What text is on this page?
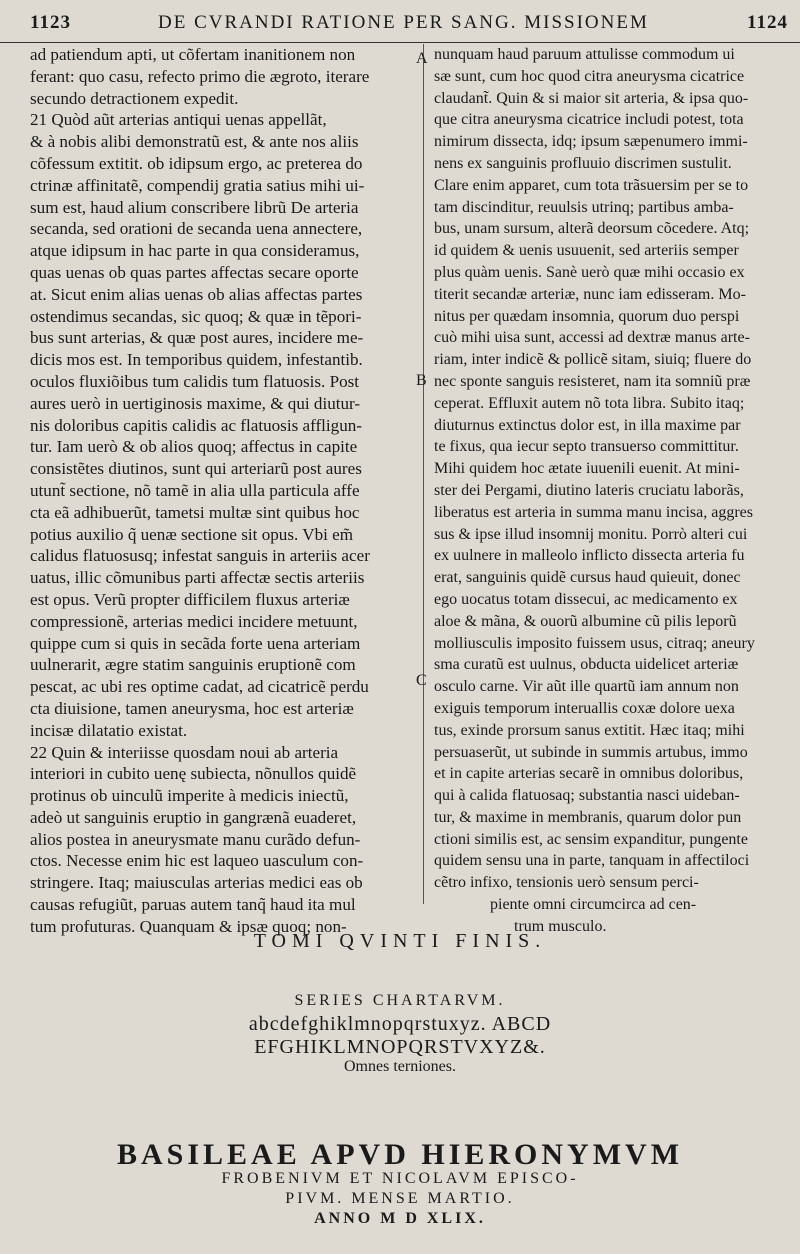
1123	DE CVRANDI RATIONE PER SANG. MISSIONEM	1124
ad patiendum apti, ut cõfertam inanitionem non
ferant: quo casu, refecto primo die ægroto, iterare
secundo detractionem expedit.
21 Quòd aũt arterias antiqui uenas appellãt,
& à nobis alibi demonstratũ est, & ante nos aliis
cõfessum extitit. ob idipsum ergo, ac preterea do
ctrinæ affinitatẽ, compendij gratia satius mihi ui-
sum est, haud alium conscribere librũ De arteria
secanda, sed orationi de secanda uena annectere,
atque idipsum in hac parte in qua consideramus,
quas uenas ob quas partes affectas secare oporte
at. Sicut enim alias uenas ob alias affectas partes
ostendimus secandas, sic quoq; & quæ in tẽpori-
bus sunt arterias, & quæ post aures, incidere me-
dicis mos est. In temporibus quidem, infestantib.
oculos fluxiõibus tum calidis tum flatuosis. Post
aures uerò in uertiginosis maxime, & qui diutur-
nis doloribus capitis calidis ac flatuosis affligun-
tur. Iam uerò & ob alios quoq; affectus in capite
consistẽtes diutinos, sunt qui arteriarũ post aures
utunt̃ sectione, nõ tamẽ in alia ulla particula affe
cta eã adhibuerũt, tametsi multæ sint quibus hoc
potius auxilio q̃ uenæ sectione sit opus. Vbi em̃
calidus flatuosusq; infestat sanguis in arteriis acer
uatus, illic cõmunibus parti affectæ sectis arteriis
est opus. Verũ propter difficilem fluxus arteriæ
compressionẽ, arterias medici incidere metuunt,
quippe cum si quis in secãda forte uena arteriam
uulnerarit, ægre statim sanguinis eruptionẽ com
pescat, ac ubi res optime cadat, ad cicatricẽ perdu
cta diuisione, tamen aneurysma, hoc est arteriæ
incisæ dilatatio existat.
22 Quin & interiisse quosdam noui ab arteria
interiori in cubito uenę subiecta, nõnullos quidẽ
protinus ob uinculũ imperite à medicis iniectũ,
adeò ut sanguinis eruptio in gangrænã euaderet,
alios postea in aneurysmate manu curãdo defun-
ctos. Necesse enim hic est laqueo uasculum con-
stringere. Itaq; maiusculas arterias medici eas ob
causas refugiũt, paruas autem tanq̃ haud ita mul
tum profuturas. Quanquam & ipsæ quoq; non-
A
B
C
nunquam haud paruum attulisse commodum ui
sæ sunt, cum hoc quod citra aneurysma cicatrice
claudant̃. Quin & si maior sit arteria, & ipsa quo-
que citra aneurysma cicatrice includi potest, tota
nimirum dissecta, idq; ipsum sæpenumero immi-
nens ex sanguinis profluuio discrimen sustulit.
Clare enim apparet, cum tota trãsuersim per se to
tam discinditur, reuulsis utrinq; partibus amba-
bus, unam sursum, alterã deorsum cõcedere. Atq;
id quidem & uenis usuuenit, sed arteriis semper
plus quàm uenis. Sanè uerò quæ mihi occasio ex
titerit secandæ arteriæ, nunc iam edisseram. Mo-
nitus per quædam insomnia, quorum duo perspi
cuò mihi uisa sunt, accessi ad dextræ manus arte-
riam, inter indicẽ & pollicẽ sitam, siuiq; fluere do
nec sponte sanguis resisteret, nam ita somniũ præ
ceperat. Effluxit autem nõ tota libra. Subito itaq;
diuturnus extinctus dolor est, in illa maxime par
te fixus, qua iecur septo transuerso committitur.
Mihi quidem hoc ætate iuuenili euenit. At mini-
ster dei Pergami, diutino lateris cruciatu laborãs,
liberatus est arteria in summa manu incisa, aggres
sus & ipse illud insomnij monitu. Porrò alteri cui
ex uulnere in malleolo inflicto dissecta arteria fu
erat, sanguinis quidẽ cursus haud quieuit, donec
ego uocatus totam dissecui, ac medicamento ex
aloe & mãna, & ouorũ albumine cũ pilis leporũ
molliusculis imposito fuissem usus, citraq; aneury
sma curatũ est uulnus, obducta uidelicet arteriæ
osculo carne. Vir aũt ille quartũ iam annum non
exiguis temporum interuallis coxæ dolore uexa
tus, exinde prorsum sanus extitit. Hæc itaq; mihi
persuaserũt, ut subinde in summis artubus, immo
et in capite arterias secarẽ in omnibus doloribus,
qui à calida flatuosaq; substantia nasci uideban-
tur, & maxime in membranis, quarum dolor pun
ctioni similis est, ac sensim expanditur, pungente
quidem sensu una in parte, tanquam in affectiloci
cẽtro infixo, tensionis uerò sensum perci-
piente omni circumcirca ad cen-
trum musculo.
TOMI QVINTI FINIS.
SERIES CHARTARVM.
abcdefghiklmnopqrstuxyz. ABCD
EFGHIKLMNOPQRSTVXYZ&.
Omnes terniones.
BASILEAE APVD HIERONYMVM
FROBENIVM ET NICOLAVM EPISCO-
PIVM. MENSE MARTIO.
ANNO M D XLIX.
